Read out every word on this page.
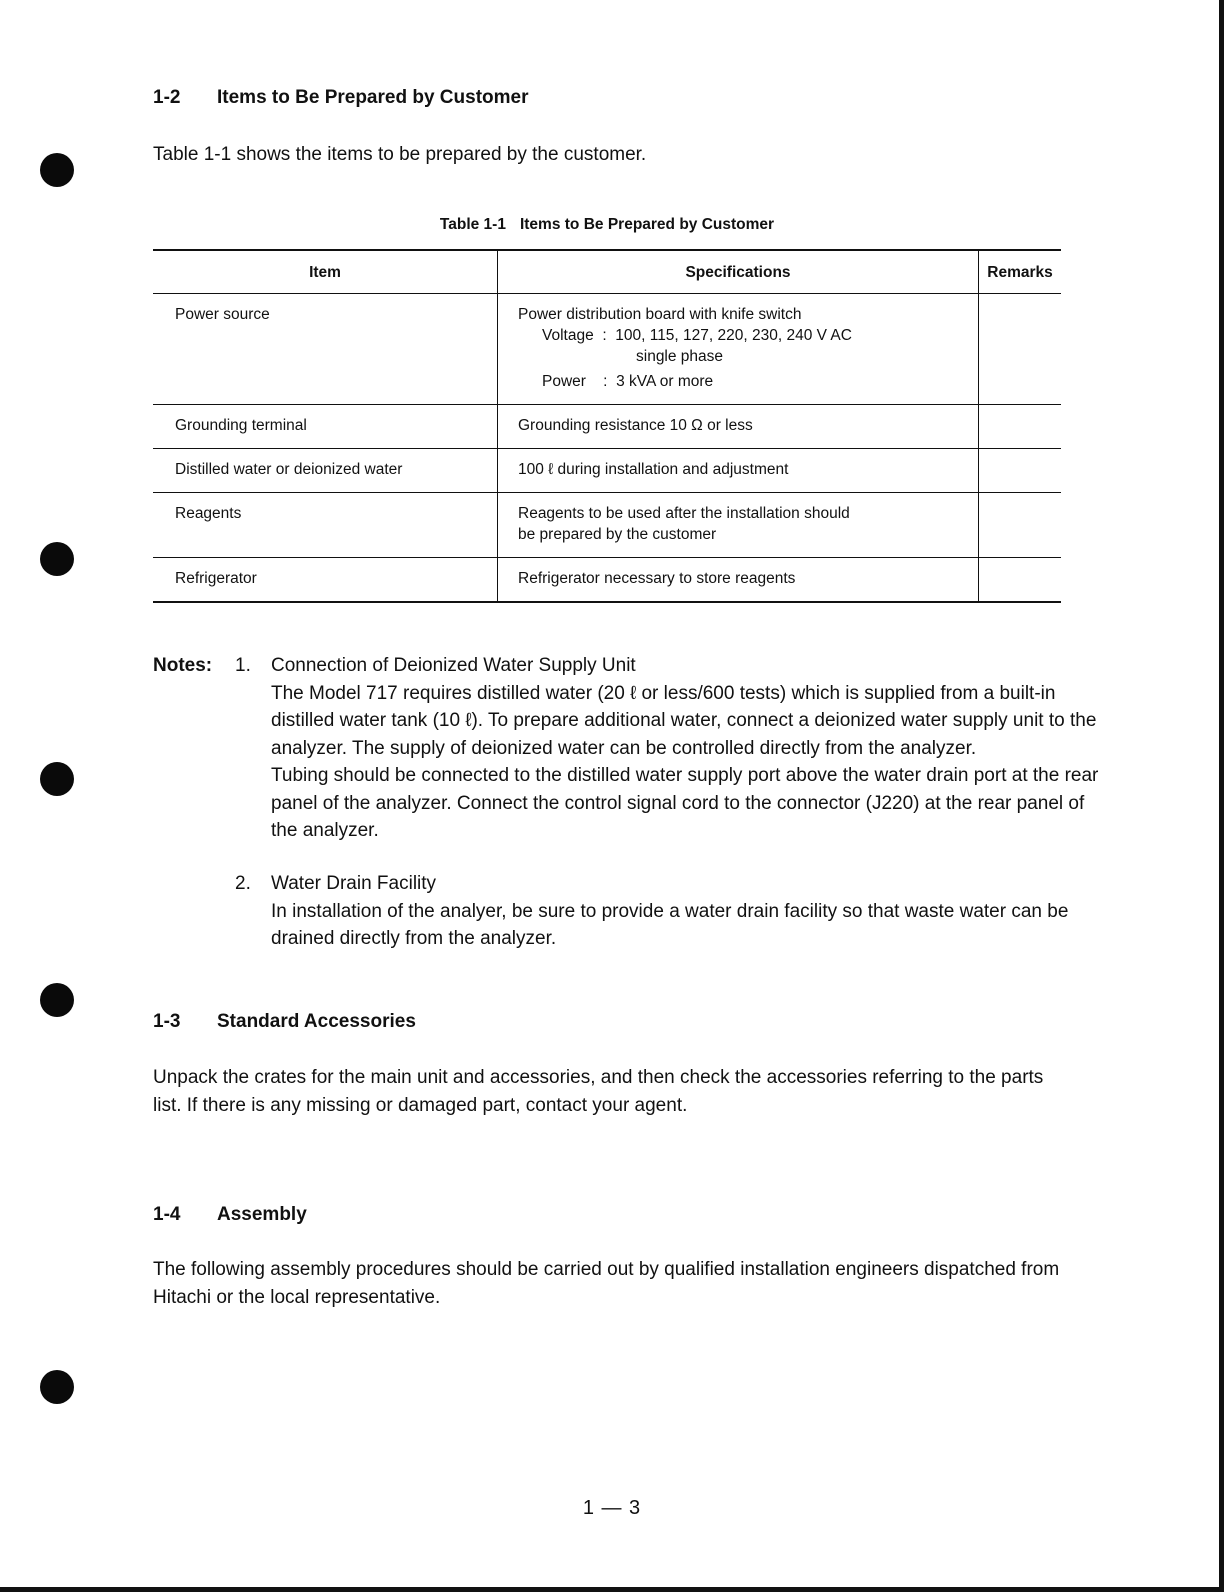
1-2 Items to Be Prepared by Customer

Table 1-1 shows the items to be prepared by the customer.

Table 1-1 Items to Be Prepared by Customer
Item	Specifications	Remarks
Power source	Power distribution board with knife switch
Voltage  :  100, 115, 127, 220, 230, 240 V AC
single phase
Power    :  3 kVA or more	

Grounding terminal	Grounding resistance 10 Ω or less	

Distilled water or deionized water	100 ℓ during installation and adjustment	

Reagents	Reagents to be used after the installation should
be prepared by the customer	

Refrigerator	Refrigerator necessary to store reagents	

Notes: 1. Connection of Deionized Water Supply Unit

The Model 717 requires distilled water (20 ℓ or less/600 tests) which is supplied from a built-in distilled water tank (10 ℓ). To prepare additional water, connect a deionized water supply unit to the analyzer. The supply of deionized water can be controlled directly from the analyzer.

Tubing should be connected to the distilled water supply port above the water drain port at the rear panel of the analyzer. Connect the control signal cord to the connector (J220) at the rear panel of the analyzer.

2. Water Drain Facility

In installation of the analyer, be sure to provide a water drain facility so that waste water can be drained directly from the analyzer.

1-3 Standard Accessories

Unpack the crates for the main unit and accessories, and then check the accessories referring to the parts list. If there is any missing or damaged part, contact your agent.

1-4 Assembly

The following assembly procedures should be carried out by qualified installation engineers dispatched from Hitachi or the local representative.

1 — 3
